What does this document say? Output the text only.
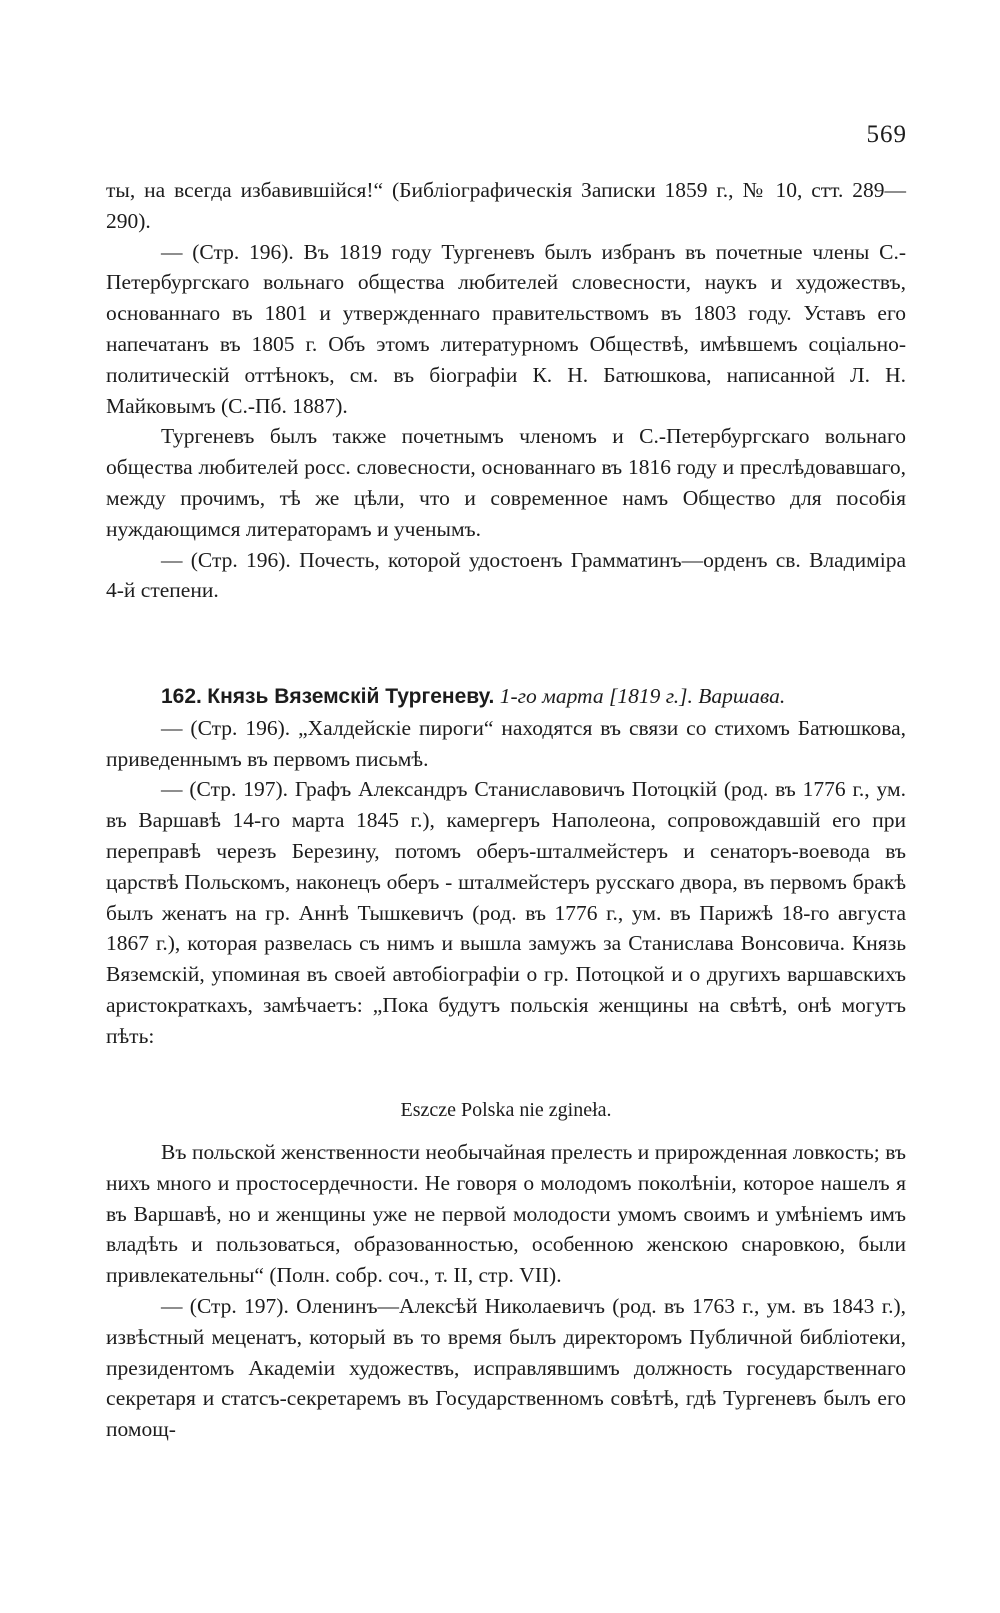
569

ты, на всегда избавившійся!“ (Библіографическія Записки 1859 г., № 10, стт. 289—290).

— (Стр. 196). Въ 1819 году Тургеневъ былъ избранъ въ почетные члены С.-Петербургскаго вольнаго общества любителей словесности, наукъ и художествъ, основаннаго въ 1801 и утвержденнаго правительствомъ въ 1803 году. Уставъ его напечатанъ въ 1805 г. Объ этомъ литературномъ Обществѣ, имѣвшемъ соціально-политическій оттѣнокъ, см. въ біографіи К. Н. Батюшкова, написанной Л. Н. Майковымъ (С.-Пб. 1887).

Тургеневъ былъ также почетнымъ членомъ и С.-Петербургскаго вольнаго общества любителей росс. словесности, основаннаго въ 1816 году и преслѣдовавшаго, между прочимъ, тѣ же цѣли, что и современное намъ Общество для пособія нуждающимся литераторамъ и ученымъ.

— (Стр. 196). Почесть, которой удостоенъ Грамматинъ—орденъ св. Владиміра 4-й степени.

162. Князь Вяземскій Тургеневу. 1-го марта [1819 г.]. Варшава.

— (Стр. 196). „Халдейскіе пироги“ находятся въ связи со стихомъ Батюшкова, приведеннымъ въ первомъ письмѣ.

— (Стр. 197). Графъ Александръ Станиславовичъ Потоцкій (род. въ 1776 г., ум. въ Варшавѣ 14-го марта 1845 г.), камергеръ Наполеона, сопровождавшій его при переправѣ черезъ Березину, потомъ оберъ-шталмейстеръ и сенаторъ-воевода въ царствѣ Польскомъ, наконецъ оберъ - шталмейстеръ русскаго двора, въ первомъ бракѣ былъ женатъ на гр. Аннѣ Тышкевичъ (род. въ 1776 г., ум. въ Парижѣ 18-го августа 1867 г.), которая развелась съ нимъ и вышла замужъ за Станислава Вонсовича. Князь Вяземскій, упоминая въ своей автобіографіи о гр. Потоцкой и о другихъ варшавскихъ аристократкахъ, замѣчаетъ: „Пока будутъ польскія женщины на свѣтѣ, онѣ могутъ пѣть:

Eszcze Polska nie zgineła.

Въ польской женственности необычайная прелесть и прирожденная ловкость; въ нихъ много и простосердечности. Не говоря о молодомъ поколѣніи, которое нашелъ я въ Варшавѣ, но и женщины уже не первой молодости умомъ своимъ и умѣніемъ имъ владѣть и пользоваться, образованностью, особенною женскою снаровкою, были привлекательны“ (Полн. собр. соч., т. II, стр. VII).

— (Стр. 197). Оленинъ—Алексѣй Николаевичъ (род. въ 1763 г., ум. въ 1843 г.), извѣстный меценатъ, который въ то время былъ директоромъ Публичной библіотеки, президентомъ Академіи художествъ, исправлявшимъ должность государственнаго секретаря и статсъ-секретаремъ въ Государственномъ совѣтѣ, гдѣ Тургеневъ былъ его помощ-
